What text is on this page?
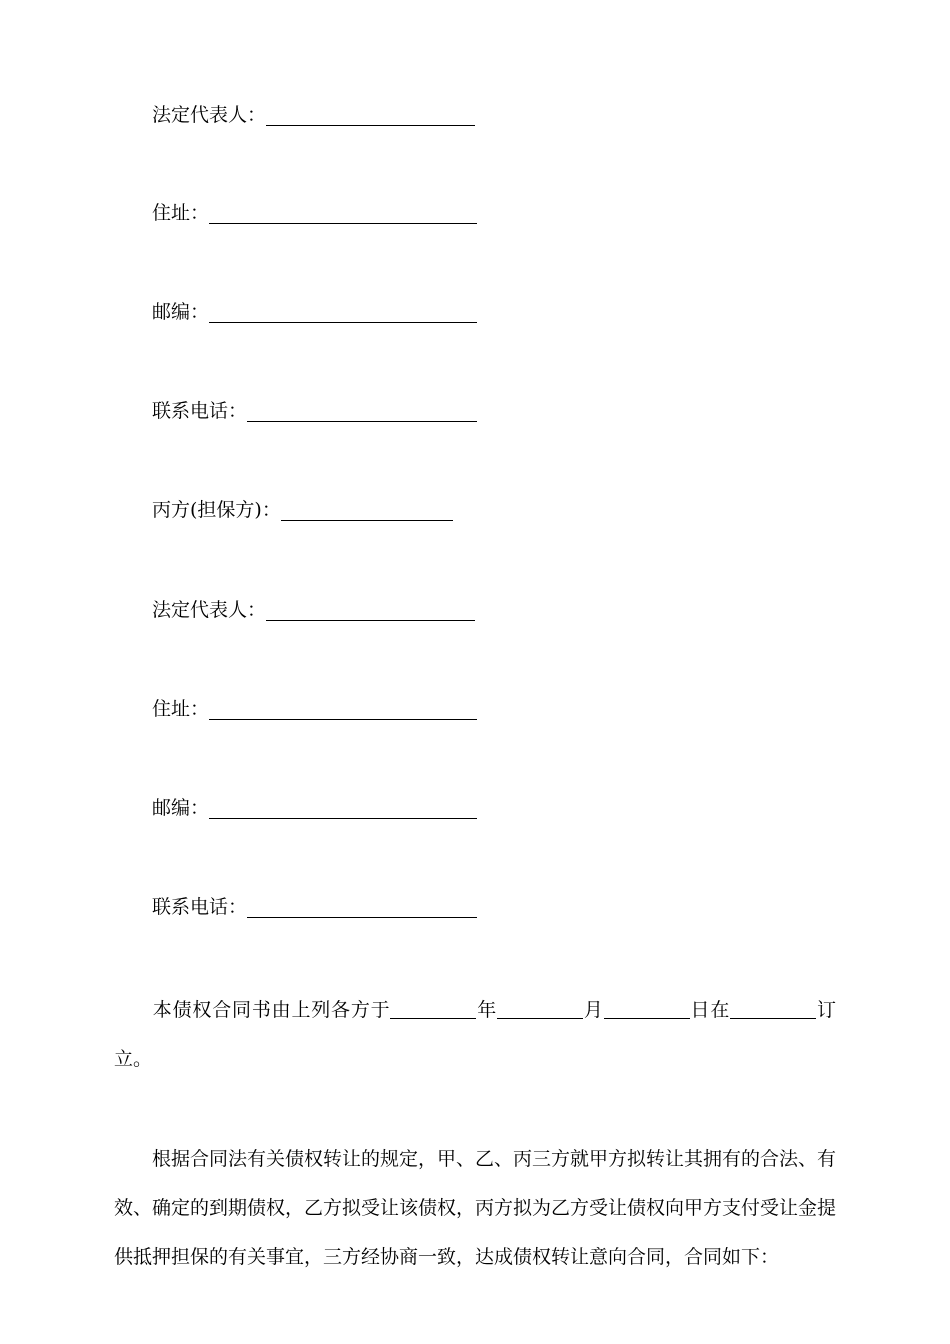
法定代表人：
住址：
邮编：
联系电话：
丙方(担保方)：
法定代表人：
住址：
邮编：
联系电话：
本债权合同书由上列各方于	年	月	日在	订立。
根据合同法有关债权转让的规定，甲、乙、丙三方就甲方拟转让其拥有的合法、有效、确定的到期债权，乙方拟受让该债权，丙方拟为乙方受让债权向甲方支付受让金提供抵押担保的有关事宜，三方经协商一致，达成债权转让意向合同，合同如下：
